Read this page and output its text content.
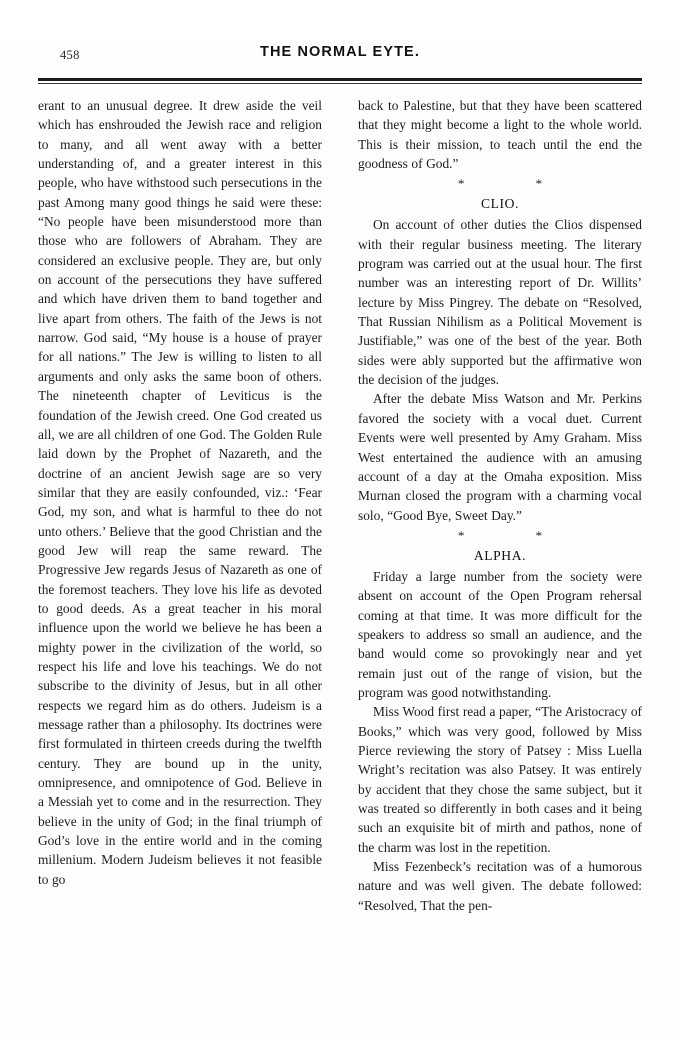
458	THE NORMAL EYTE.

erant to an unusual degree. It drew aside the veil which has enshrouded the Jewish race and religion to many, and all went away with a better understanding of, and a greater interest in this people, who have withstood such persecutions in the past Among many good things he said were these: “No people have been misunderstood more than those who are followers of Abraham. They are considered an exclusive people. They are, but only on account of the persecutions they have suffered and which have driven them to band together and live apart from others. The faith of the Jews is not narrow. God said, “My house is a house of prayer for all nations.” The Jew is willing to listen to all arguments and only asks the same boon of others. The nineteenth chapter of Leviticus is the foundation of the Jewish creed. One God created us all, we are all children of one God. The Golden Rule laid down by the Prophet of Nazareth, and the doctrine of an ancient Jewish sage are so very similar that they are easily confounded, viz.: ‘Fear God, my son, and what is harmful to thee do not unto others.’ Believe that the good Christian and the good Jew will reap the same reward. The Progressive Jew regards Jesus of Nazareth as one of the foremost teachers. They love his life as devoted to good deeds. As a great teacher in his moral influence upon the world we believe he has been a mighty power in the civilization of the world, so respect his life and love his teachings. We do not subscribe to the divinity of Jesus, but in all other respects we regard him as do others. Judeism is a message rather than a philosophy. Its doctrines were first formulated in thirteen creeds during the twelfth century. They are bound up in the unity, omnipresence, and omnipotence of God. Believe in a Messiah yet to come and in the resurrection. They believe in the unity of God; in the final triumph of God’s love in the entire world and in the coming millenium. Modern Judeism believes it not feasible to go

back to Palestine, but that they have been scattered that they might become a light to the whole world. This is their mission, to teach until the end the goodness of God.”

* *
CLIO.

On account of other duties the Clios dispensed with their regular business meeting. The literary program was carried out at the usual hour. The first number was an interesting report of Dr. Willits’ lecture by Miss Pingrey. The debate on “Resolved, That Russian Nihilism as a Political Movement is Justifiable,” was one of the best of the year. Both sides were ably supported but the affirmative won the decision of the judges.

After the debate Miss Watson and Mr. Perkins favored the society with a vocal duet. Current Events were well presented by Amy Graham. Miss West entertained the audience with an amusing account of a day at the Omaha exposition. Miss Murnan closed the program with a charming vocal solo, “Good Bye, Sweet Day.”

* *
ALPHA.

Friday a large number from the society were absent on account of the Open Program rehersal coming at that time. It was more difficult for the speakers to address so small an audience, and the band would come so provokingly near and yet remain just out of the range of vision, but the program was good notwithstanding.

Miss Wood first read a paper, “The Aristocracy of Books,” which was very good, followed by Miss Pierce reviewing the story of Patsey : Miss Luella Wright’s recitation was also Patsey. It was entirely by accident that they chose the same subject, but it was treated so differently in both cases and it being such an exquisite bit of mirth and pathos, none of the charm was lost in the repetition.

Miss Fezenbeck’s recitation was of a humorous nature and was well given. The debate followed: “Resolved, That the pen-
